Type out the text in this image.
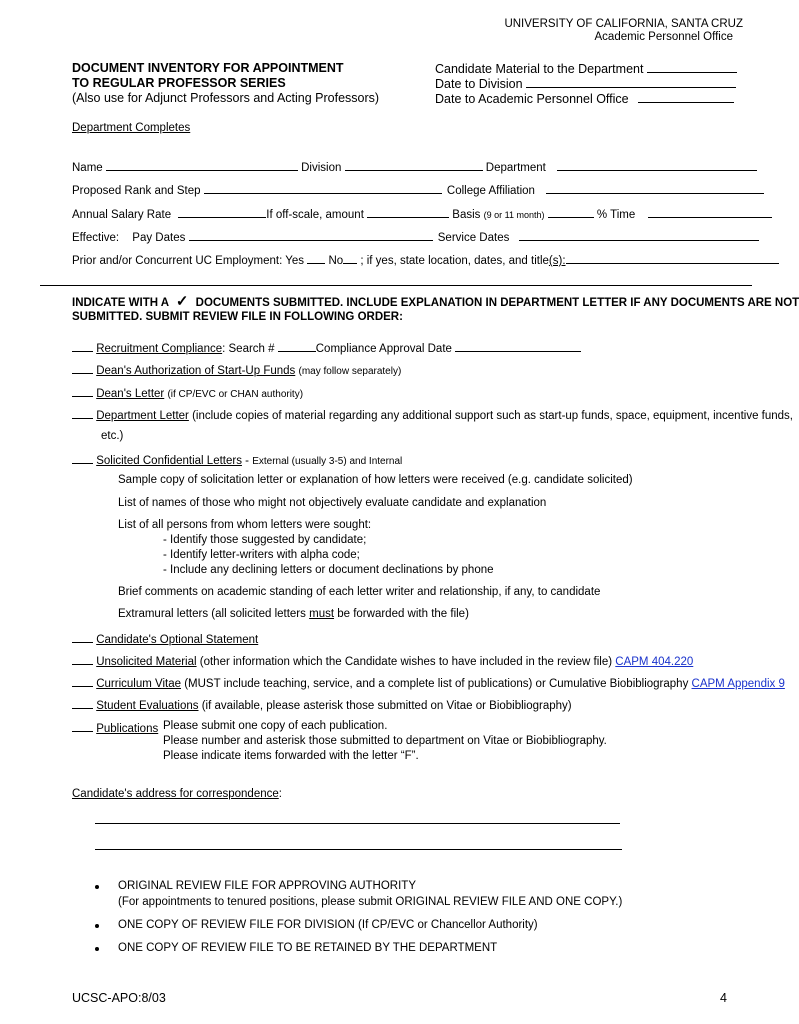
UNIVERSITY OF CALIFORNIA, SANTA CRUZ
Academic Personnel Office
DOCUMENT INVENTORY FOR APPOINTMENT
TO REGULAR PROFESSOR SERIES
(Also use for Adjunct Professors and Acting Professors)
Candidate Material to the Department
Date to Division
Date to Academic Personnel Office
Department Completes
Name	Division	Department
Proposed Rank and Step	College Affiliation
Annual Salary Rate	If off-scale, amount	Basis (9 or 11 month)	% Time
Effective: Pay Dates	Service Dates
Prior and/or Concurrent UC Employment: Yes No ; if yes, state location, dates, and title(s):
INDICATE WITH A ✓ DOCUMENTS SUBMITTED. INCLUDE EXPLANATION IN DEPARTMENT LETTER IF ANY DOCUMENTS ARE NOT
SUBMITTED. SUBMIT REVIEW FILE IN FOLLOWING ORDER:
Recruitment Compliance: Search #	Compliance Approval Date
Dean's Authorization of Start-Up Funds (may follow separately)
Dean's Letter (if CP/EVC or CHAN authority)
Department Letter (include copies of material regarding any additional support such as start-up funds, space, equipment, incentive funds,
etc.)
Solicited Confidential Letters - External (usually 3-5) and Internal
Sample copy of solicitation letter or explanation of how letters were received (e.g. candidate solicited)
List of names of those who might not objectively evaluate candidate and explanation
List of all persons from whom letters were sought:
- Identify those suggested by candidate;
- Identify letter-writers with alpha code;
- Include any declining letters or document declinations by phone
Brief comments on academic standing of each letter writer and relationship, if any, to candidate
Extramural letters (all solicited letters must be forwarded with the file)
Candidate's Optional Statement
Unsolicited Material (other information which the Candidate wishes to have included in the review file) CAPM 404.220
Curriculum Vitae (MUST include teaching, service, and a complete list of publications) or Cumulative Biobibliography CAPM Appendix 9
Student Evaluations (if available, please asterisk those submitted on Vitae or Biobibliography)
Publications Please submit one copy of each publication.
Please number and asterisk those submitted to department on Vitae or Biobibliography.
Please indicate items forwarded with the letter “F”.
Candidate's address for correspondence:
ORIGINAL REVIEW FILE FOR APPROVING AUTHORITY
(For appointments to tenured positions, please submit ORIGINAL REVIEW FILE AND ONE COPY.)
ONE COPY OF REVIEW FILE FOR DIVISION (If CP/EVC or Chancellor Authority)
ONE COPY OF REVIEW FILE TO BE RETAINED BY THE DEPARTMENT
UCSC-APO:8/03	4
